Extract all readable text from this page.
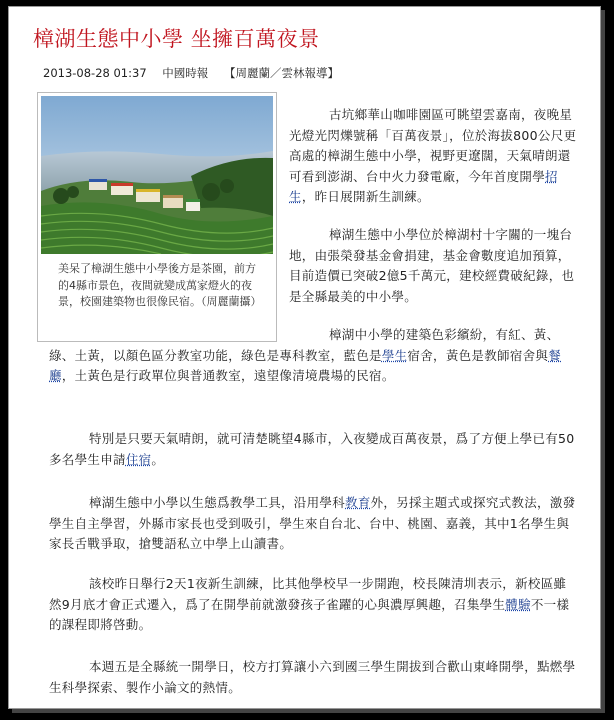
樟湖生態中小學 坐擁百萬夜景
2013-08-28 01:37 中國時報 【周麗蘭／雲林報導】
美呆了樟湖生態中小學後方是茶園，前方的4縣市景色，夜間就變成萬家燈火的夜景，校園建築物也很像民宿。（周麗蘭攝）
古坑鄉華山咖啡園區可眺望雲嘉南，夜晚星光燈光閃爍號稱「百萬夜景」，位於海拔800公尺更高處的樟湖生態中小學，視野更遼闊，天氣晴朗還可看到澎湖、台中火力發電廠，今年首度開學招生，昨日展開新生訓練。
樟湖生態中小學位於樟湖村十字關的一塊台地，由張榮發基金會捐建，基金會數度追加預算，目前造價已突破2億5千萬元，建校經費破紀錄，也是全縣最美的中小學。
樟湖中小學的建築色彩繽紛，有紅、黃、綠、土黃，以顏色區分教室功能，綠色是專科教室，藍色是學生宿舍，黃色是教師宿舍與餐廳，土黃色是行政單位與普通教室，遠望像清境農場的民宿。
特別是只要天氣晴朗，就可清楚眺望4縣市，入夜變成百萬夜景，爲了方便上學已有50多名學生申請住宿。
樟湖生態中小學以生態爲教學工具，沿用學科教育外，另採主題式或探究式教法，激發學生自主學習，外縣市家長也受到吸引，學生來自台北、台中、桃園、嘉義，其中1名學生與家長舌戰爭取，搶雙語私立中學上山讀書。
該校昨日舉行2天1夜新生訓練，比其他學校早一步開跑，校長陳清圳表示，新校區雖然9月底才會正式遷入，爲了在開學前就激發孩子雀躍的心與濃厚興趣，召集學生體驗不一樣的課程即將啓動。
本週五是全縣統一開學日，校方打算讓小六到國三學生開拔到合歡山東峰開學，點燃學生科學探索、製作小論文的熱情。
